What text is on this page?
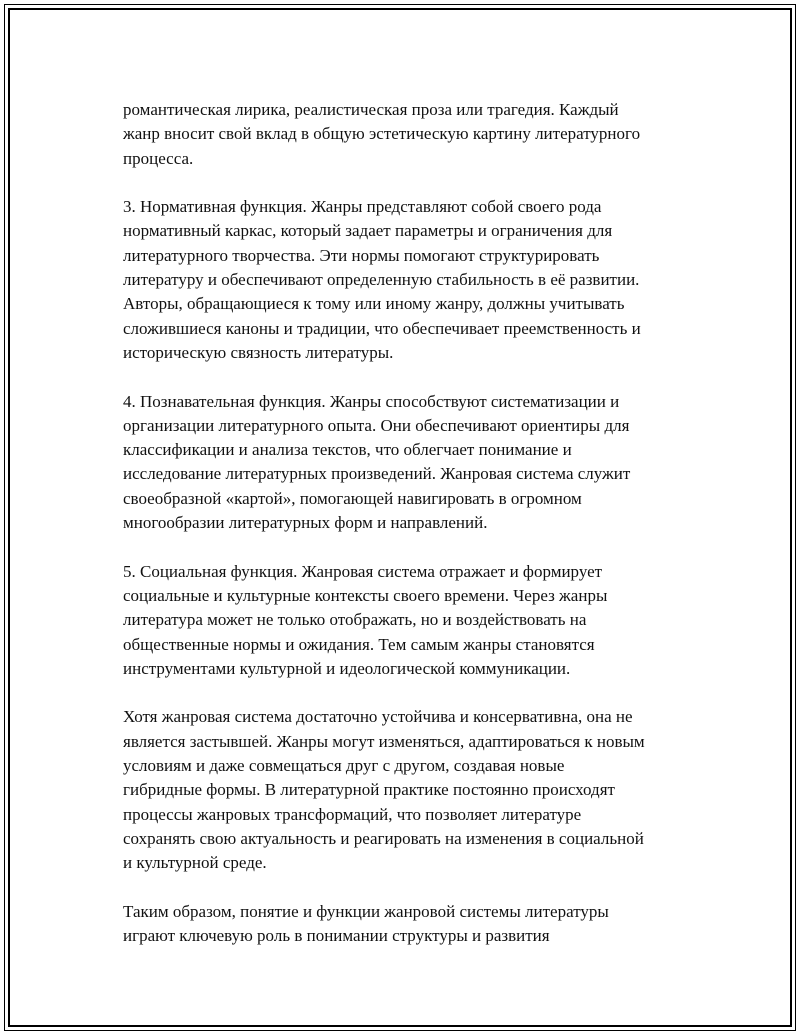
романтическая лирика, реалистическая проза или трагедия. Каждый
жанр вносит свой вклад в общую эстетическую картину литературного
процесса.

3. Нормативная функция. Жанры представляют собой своего рода
нормативный каркас, который задает параметры и ограничения для
литературного творчества. Эти нормы помогают структурировать
литературу и обеспечивают определенную стабильность в её развитии.
Авторы, обращающиеся к тому или иному жанру, должны учитывать
сложившиеся каноны и традиции, что обеспечивает преемственность и
историческую связность литературы.

4. Познавательная функция. Жанры способствуют систематизации и
организации литературного опыта. Они обеспечивают ориентиры для
классификации и анализа текстов, что облегчает понимание и
исследование литературных произведений. Жанровая система служит
своеобразной «картой», помогающей навигировать в огромном
многообразии литературных форм и направлений.

5. Социальная функция. Жанровая система отражает и формирует
социальные и культурные контексты своего времени. Через жанры
литература может не только отображать, но и воздействовать на
общественные нормы и ожидания. Тем самым жанры становятся
инструментами культурной и идеологической коммуникации.

Хотя жанровая система достаточно устойчива и консервативна, она не
является застывшей. Жанры могут изменяться, адаптироваться к новым
условиям и даже совмещаться друг с другом, создавая новые
гибридные формы. В литературной практике постоянно происходят
процессы жанровых трансформаций, что позволяет литературе
сохранять свою актуальность и реагировать на изменения в социальной
и культурной среде.

Таким образом, понятие и функции жанровой системы литературы
играют ключевую роль в понимании структуры и развития
